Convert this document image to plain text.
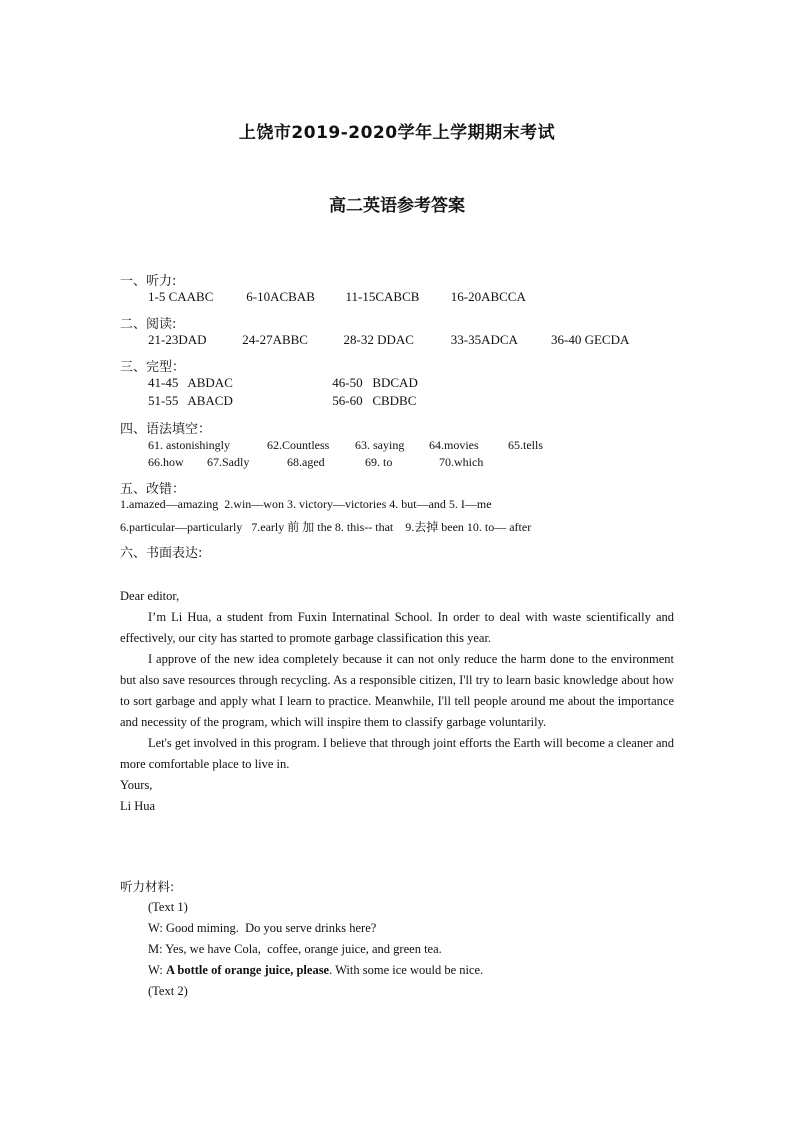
上饶市2019-2020学年上学期期末考试
高二英语参考答案
一、听力:
1-5 CAABC	6-10ACBAB 11-15CABCB 16-20ABCCA
二、阅读:
21-23DAD	24-27ABBC	28-32 DDAC	33-35ADCA	36-40 GECDA
三、完型：
41-45   ABDAC	46-50   BDCAD
51-55   ABACD	56-60   CBDBC
四、语法填空：
61. astonishingly	62.Countless 63. saying 64.movies 65.tells
66.how 67.Sadly	68.aged	69. to	70.which
五、改错：
1.amazed—amazing  2.win—won 3. victory—victories 4. but—and 5. I—me
6.particular—particularly   7.early 前 加 the 8. this-- that    9.去掉 been 10. to— after
六、书面表达:

Dear editor,

I’m Li Hua, a student from Fuxin Internatinal School. In order to deal with waste scientifically and effectively, our city has started to promote garbage classification this year.

I approve of the new idea completely because it can not only reduce the harm done to the environment but also save resources through recycling. As a responsible citizen, I'll try to learn basic knowledge about how to sort garbage and apply what I learn to practice. Meanwhile, I'll tell people around me about the importance and necessity of the program, which will inspire them to classify garbage voluntarily.

Let's get involved in this program. I believe that through joint efforts the Earth will become a cleaner and more comfortable place to live in.

Yours,

Li Hua

听力材料:
(Text 1)
W: Good miming.  Do you serve drinks here?
M: Yes, we have Cola,  coffee, orange juice, and green tea.
W: A bottle of orange juice, please. With some ice would be nice.
(Text 2)
